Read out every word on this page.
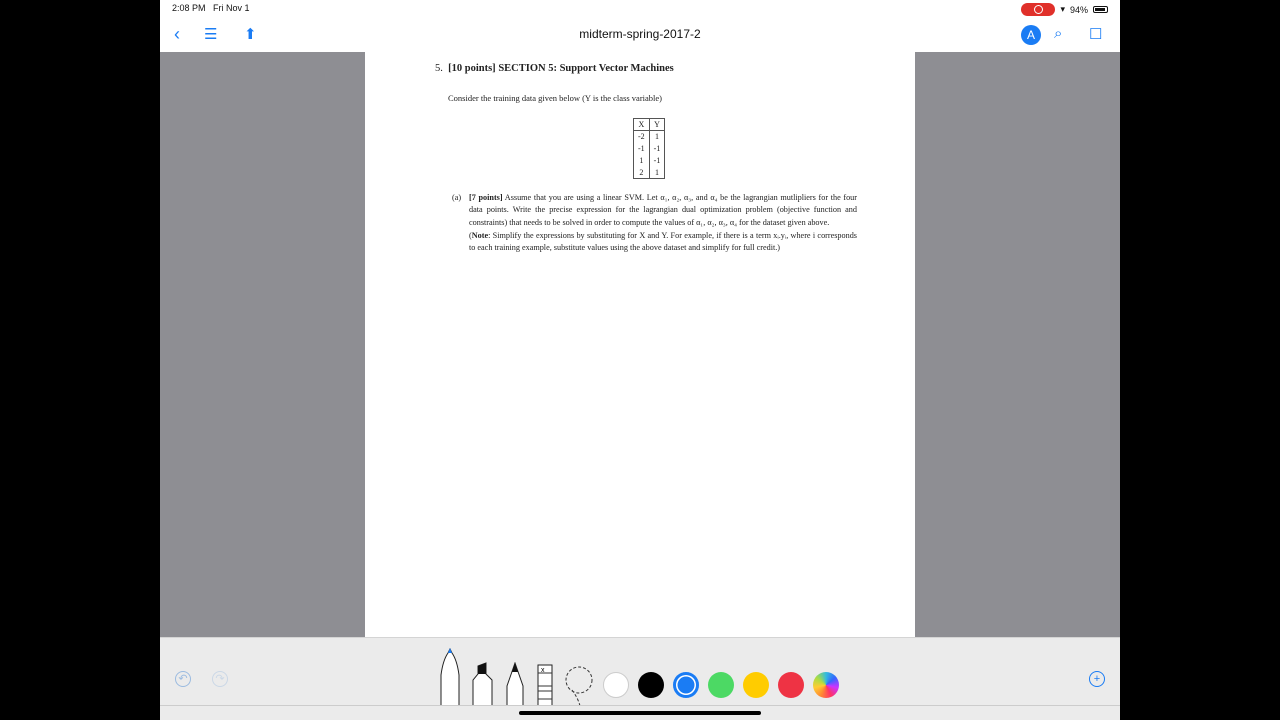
2:08 PM Fri Nov 1	▾ 94%
‹ ☰ ⬆	midterm-spring-2017-2	A	⌕ ☐
5. [10 points] SECTION 5: Support Vector Machines
Consider the training data given below (Y is the class variable)
X	Y
-2	1
-1	-1
1	-1
2	1
(a) [7 points] Assume that you are using a linear SVM. Let α₁, α₂, α₃, and α₄ be the lagrangian mutlipliers for the four data points. Write the precise expression for the lagrangian dual optimization problem (objective function and constraints) that needs to be solved in order to compute the values of α₁, α₂, α₃, α₄ for the dataset given above.

(Note: Simplify the expressions by substituting for X and Y. For example, if there is a term xᵢ.yᵢ, where i corresponds to each training example, substitute values using the above dataset and simplify for full credit.)

↶	↷
x
+
